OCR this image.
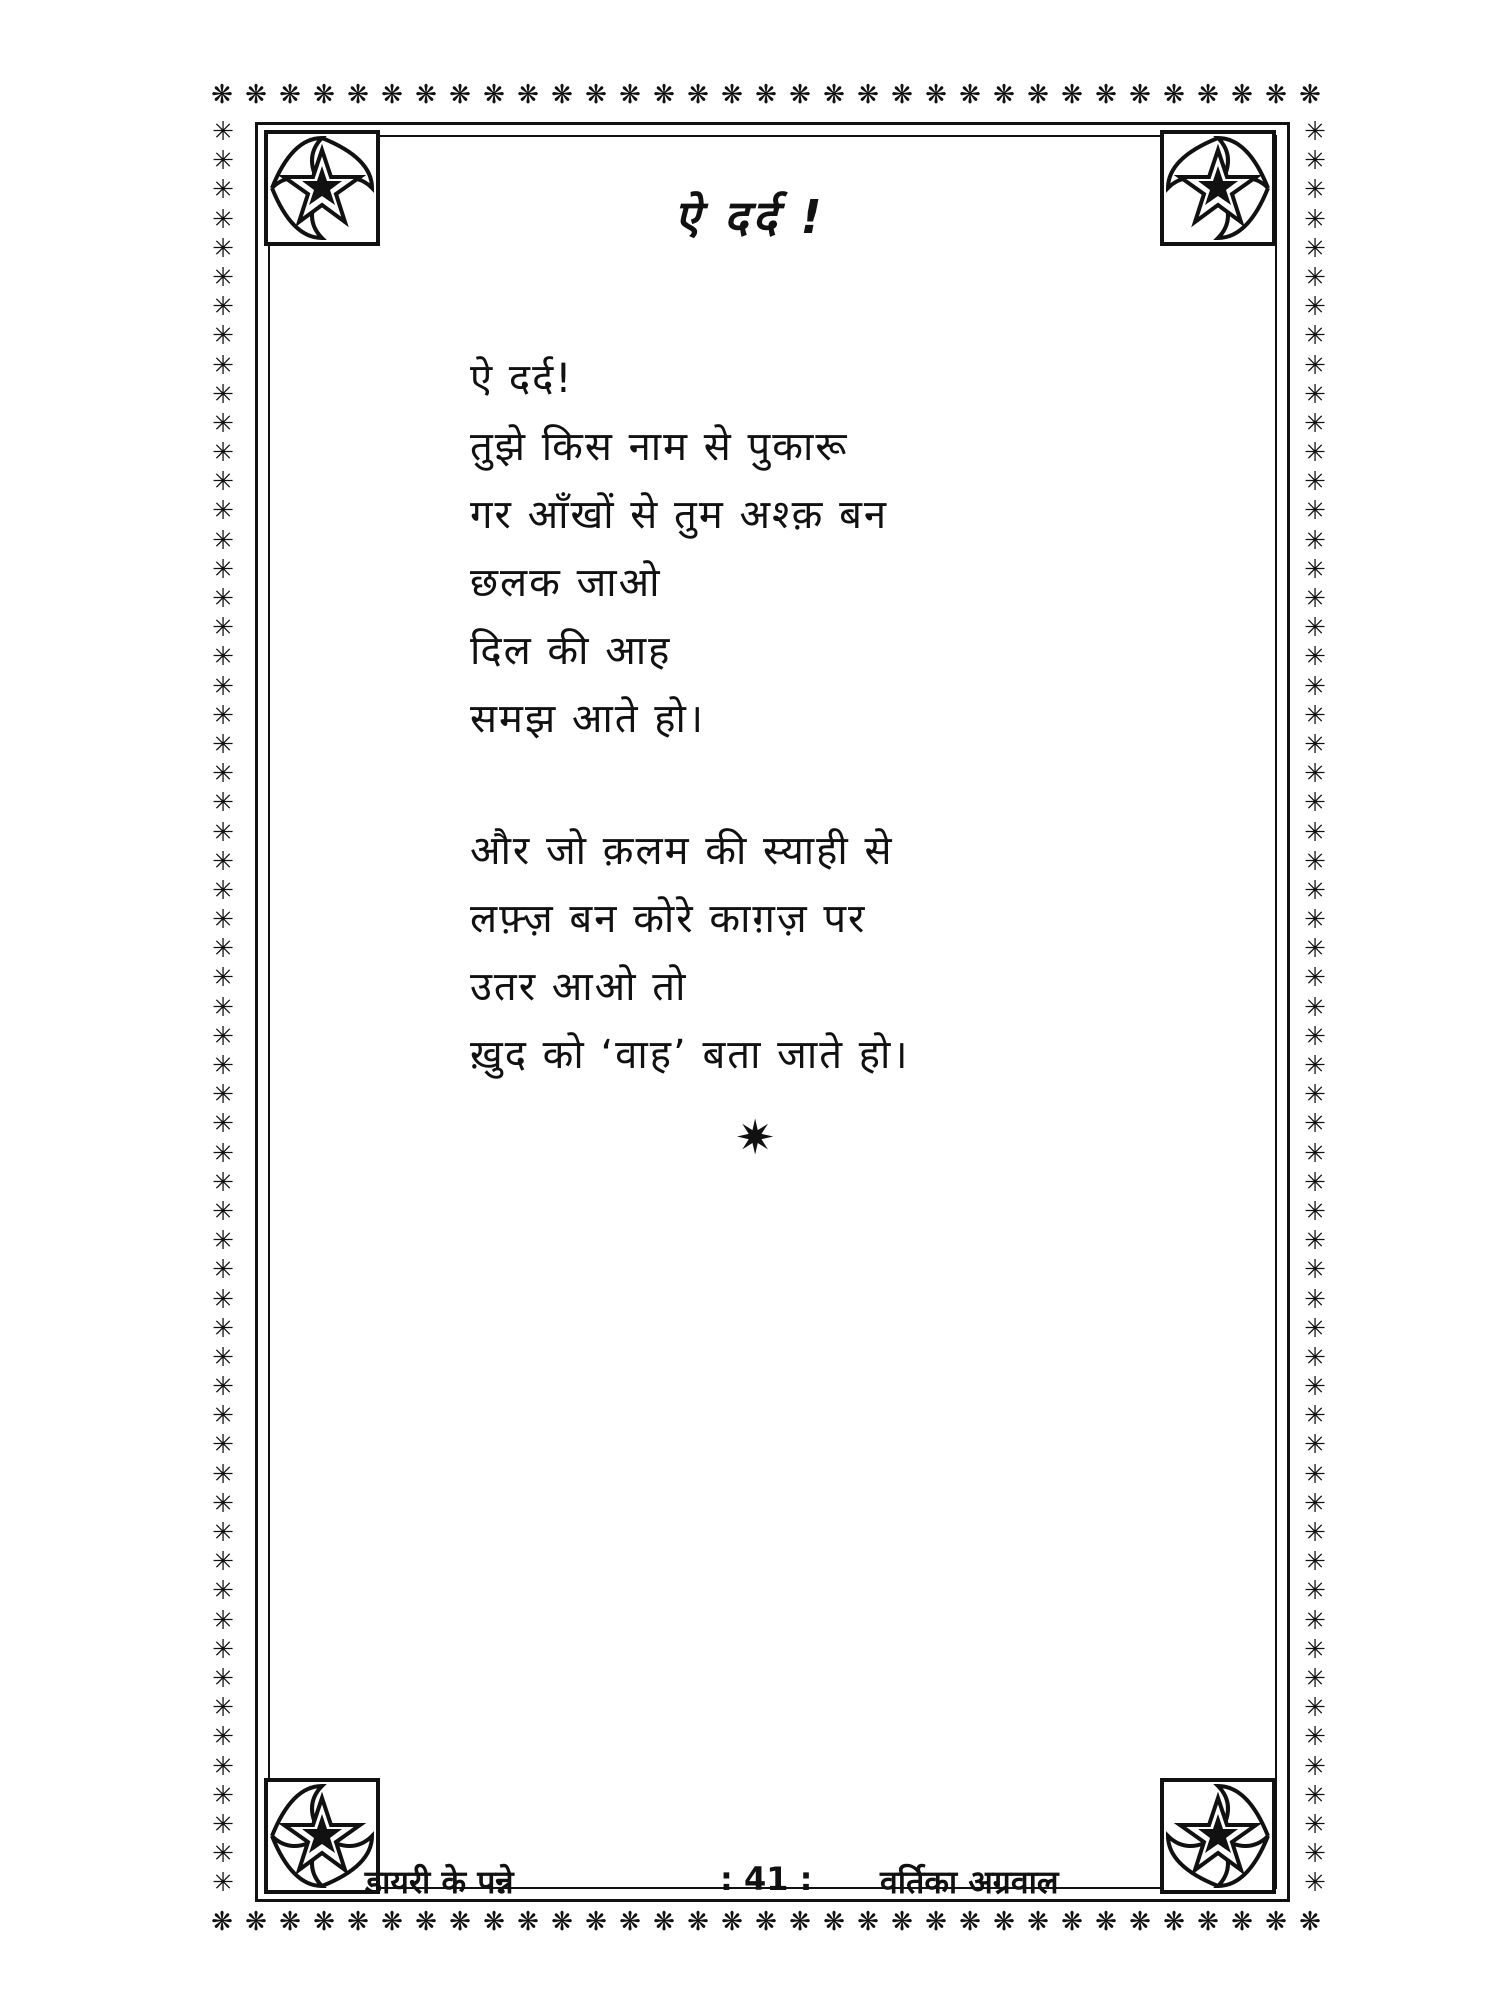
❋ ❋ ❋ ❋ ❋ ❋ ❋ ❋ ❋ ❋ ❋ ❋ ❋ ❋ ❋ ❋ ❋ ❋ ❋ ❋ ❋ ❋ ❋ ❋ ❋ ❋ ❋ ❋ ❋ ❋ ❋ ❋ ❋
❋ ❋ ❋ ❋ ❋ ❋ ❋ ❋ ❋ ❋ ❋ ❋ ❋ ❋ ❋ ❋ ❋ ❋ ❋ ❋ ❋ ❋ ❋ ❋ ❋ ❋ ❋ ❋ ❋ ❋ ❋ ❋ ❋
✳
✳
✳
✳
✳
✳
✳
✳
✳
✳
✳
✳
✳
✳
✳
✳
✳
✳
✳
✳
✳
✳
✳
✳
✳
✳
✳
✳
✳
✳
✳
✳
✳
✳
✳
✳
✳
✳
✳
✳
✳
✳
✳
✳
✳
✳
✳
✳
✳
✳
✳
✳
✳
✳
✳
✳
✳
✳
✳
✳
✳
✳
✳
✳
✳
✳
✳
✳
✳
✳
✳
✳
✳
✳
✳
✳
✳
✳
✳
✳
✳
✳
✳
✳
✳
✳
✳
✳
✳
✳
✳
✳
✳
✳
✳
✳
✳
✳
✳
✳
✳
✳
✳
✳
✳
✳
✳
✳
✳
✳
✳
✳
✳
✳
✳
✳
✳
✳
✳
✳
✳
✳
ऐ दर्द !
ऐ दर्द!
तुझे किस नाम से पुकारू
गर आँखों से तुम अश्क़ बन
छलक जाओ
दिल की आह
समझ आते हो।
और जो क़लम की स्याही से
लफ़्ज़ बन कोरे काग़ज़ पर
उतर आओ तो
ख़ुद को ‘वाह’ बता जाते हो।
✷
डायरी के पन्ने	: 41 : वर्तिका अग्रवाल
